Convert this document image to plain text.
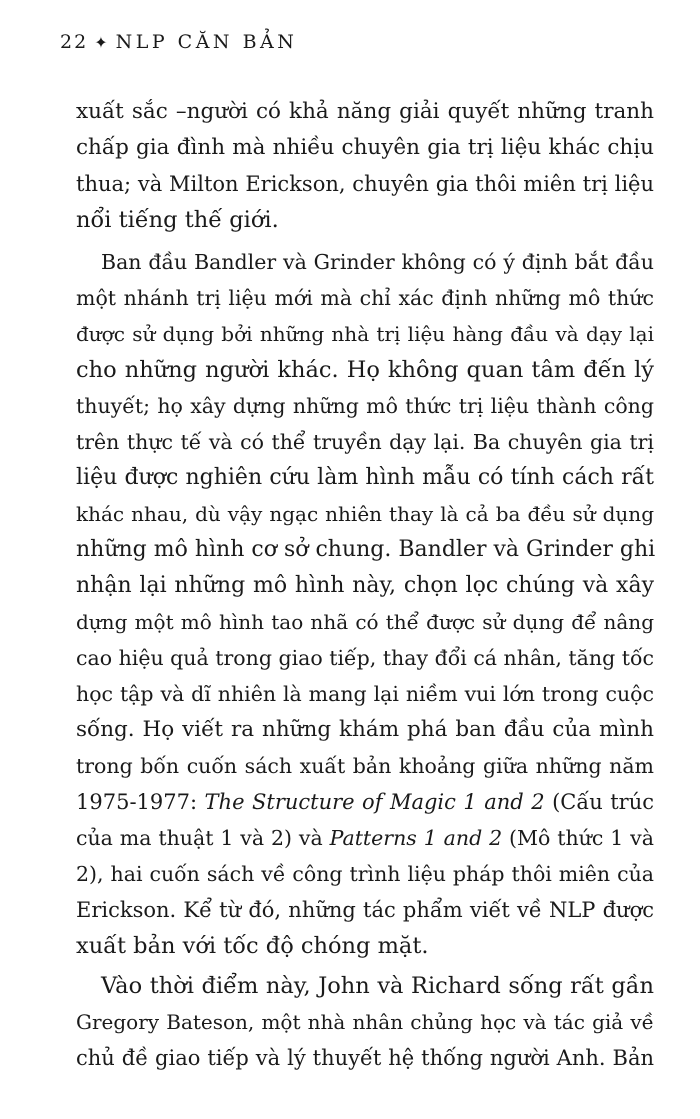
22 ✦ NLP CĂN BẢN
xuất sắc –người có khả năng giải quyết những tranh
chấp gia đình mà nhiều chuyên gia trị liệu khác chịu
thua; và Milton Erickson, chuyên gia thôi miên trị liệu
nổi tiếng thế giới.
Ban đầu Bandler và Grinder không có ý định bắt đầu
một nhánh trị liệu mới mà chỉ xác định những mô thức
được sử dụng bởi những nhà trị liệu hàng đầu và dạy lại
cho những người khác. Họ không quan tâm đến lý
thuyết; họ xây dựng những mô thức trị liệu thành công
trên thực tế và có thể truyền dạy lại. Ba chuyên gia trị
liệu được nghiên cứu làm hình mẫu có tính cách rất
khác nhau, dù vậy ngạc nhiên thay là cả ba đều sử dụng
những mô hình cơ sở chung. Bandler và Grinder ghi
nhận lại những mô hình này, chọn lọc chúng và xây
dựng một mô hình tao nhã có thể được sử dụng để nâng
cao hiệu quả trong giao tiếp, thay đổi cá nhân, tăng tốc
học tập và dĩ nhiên là mang lại niềm vui lớn trong cuộc
sống. Họ viết ra những khám phá ban đầu của mình
trong bốn cuốn sách xuất bản khoảng giữa những năm
1975-1977: The Structure of Magic 1 and 2 (Cấu trúc
của ma thuật 1 và 2) và Patterns 1 and 2 (Mô thức 1 và
2), hai cuốn sách về công trình liệu pháp thôi miên của
Erickson. Kể từ đó, những tác phẩm viết về NLP được
xuất bản với tốc độ chóng mặt.
Vào thời điểm này, John và Richard sống rất gần
Gregory Bateson, một nhà nhân chủng học và tác giả về
chủ đề giao tiếp và lý thuyết hệ thống người Anh. Bản
